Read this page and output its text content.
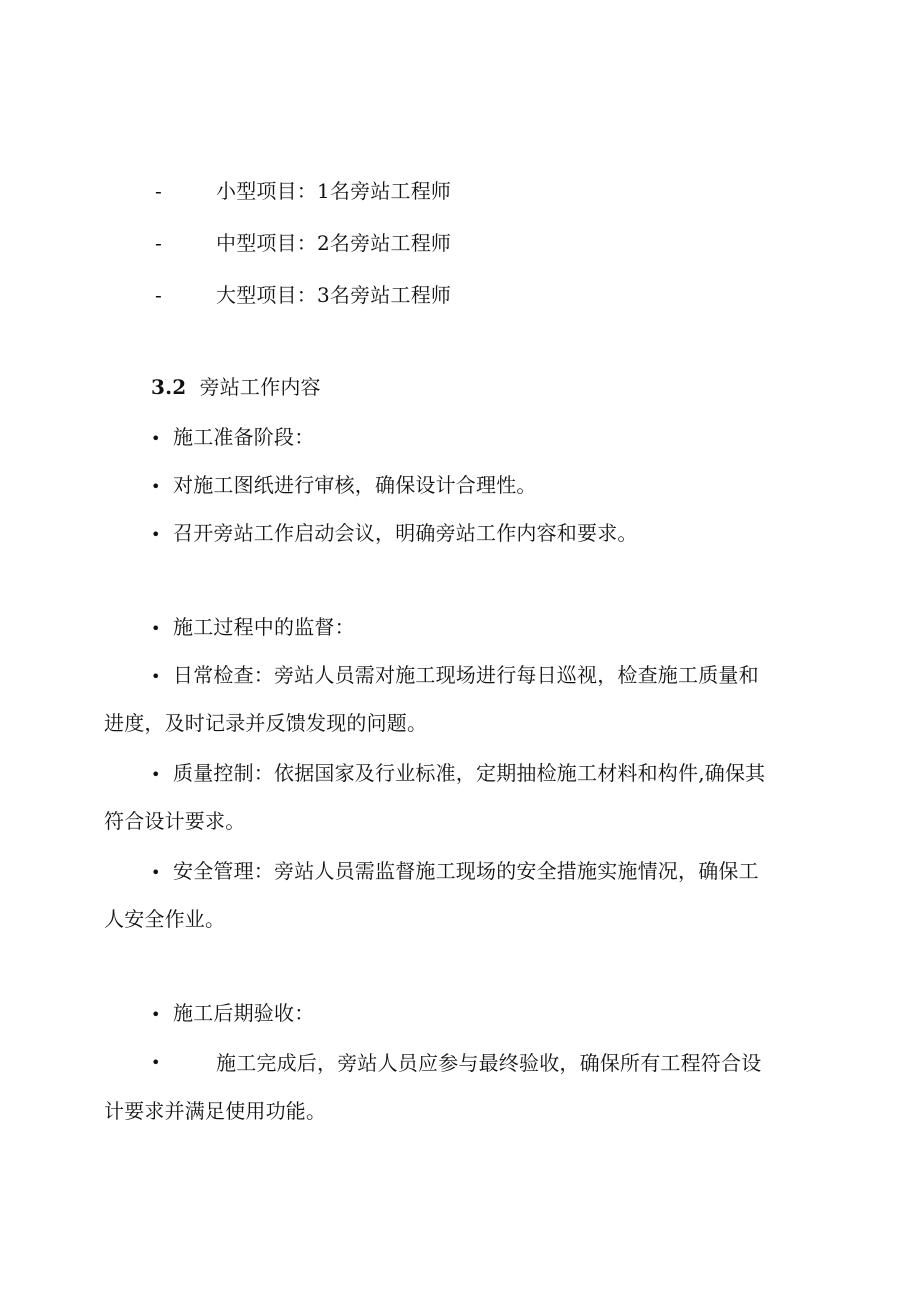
-	小型项目：1名旁站工程师
-	中型项目：2名旁站工程师
-	大型项目：3名旁站工程师
3.2 旁站工作内容
• 施工准备阶段：
• 对施工图纸进行审核，确保设计合理性。
• 召开旁站工作启动会议，明确旁站工作内容和要求。
• 施工过程中的监督：
• 日常检查：旁站人员需对施工现场进行每日巡视，检查施工质量和
进度，及时记录并反馈发现的问题。
• 质量控制：依据国家及行业标准，定期抽检施工材料和构件,确保其
符合设计要求。
• 安全管理：旁站人员需监督施工现场的安全措施实施情况，确保工
人安全作业。
• 施工后期验收：
•	施工完成后，旁站人员应参与最终验收，确保所有工程符合设
计要求并满足使用功能。
